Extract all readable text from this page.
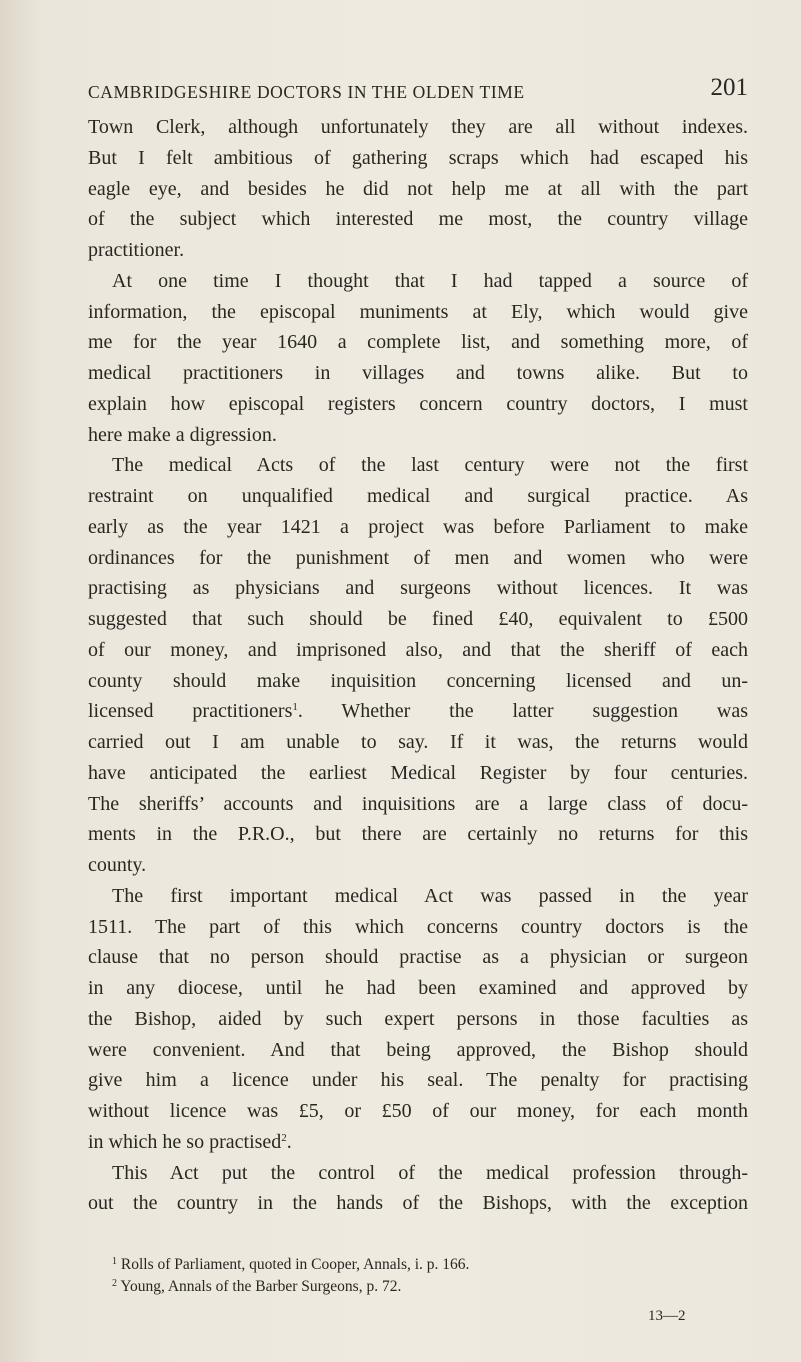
CAMBRIDGESHIRE DOCTORS IN THE OLDEN TIME	201
Town Clerk, although unfortunately they are all without indexes.
But I felt ambitious of gathering scraps which had escaped his
eagle eye, and besides he did not help me at all with the part
of the subject which interested me most, the country village
practitioner.
At one time I thought that I had tapped a source of
information, the episcopal muniments at Ely, which would give
me for the year 1640 a complete list, and something more, of
medical practitioners in villages and towns alike. But to
explain how episcopal registers concern country doctors, I must
here make a digression.
The medical Acts of the last century were not the first
restraint on unqualified medical and surgical practice. As
early as the year 1421 a project was before Parliament to make
ordinances for the punishment of men and women who were
practising as physicians and surgeons without licences. It was
suggested that such should be fined £40, equivalent to £500
of our money, and imprisoned also, and that the sheriff of each
county should make inquisition concerning licensed and un-
licensed practitioners$^1$. Whether the latter suggestion was
carried out I am unable to say. If it was, the returns would
have anticipated the earliest Medical Register by four centuries.
The sheriffs’ accounts and inquisitions are a large class of docu-
ments in the P.R.O., but there are certainly no returns for this
county.
The first important medical Act was passed in the year
1511. The part of this which concerns country doctors is the
clause that no person should practise as a physician or surgeon
in any diocese, until he had been examined and approved by
the Bishop, aided by such expert persons in those faculties as
were convenient. And that being approved, the Bishop should
give him a licence under his seal. The penalty for practising
without licence was £5, or £50 of our money, for each month
in which he so practised$^2$.
This Act put the control of the medical profession through-
out the country in the hands of the Bishops, with the exception
$^1$ Rolls of Parliament, quoted in Cooper, Annals, i. p. 166.
$^2$ Young, Annals of the Barber Surgeons, p. 72.
13—2
